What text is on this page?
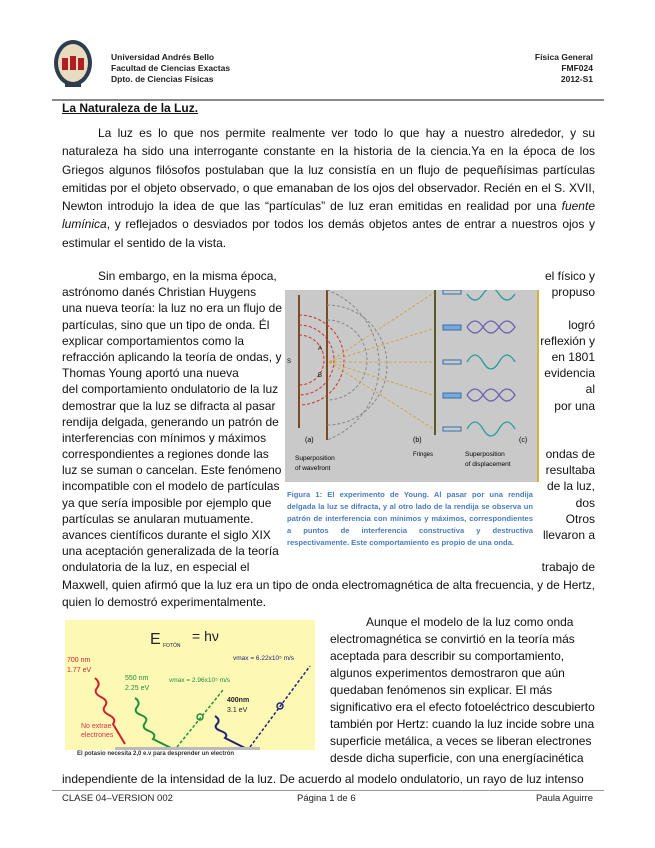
Universidad Andrés Bello
Facultad de Ciencias Exactas
Dpto. de Ciencias Físicas
Física General
FMF024
2012-S1
La Naturaleza de la Luz.
La luz es lo que nos permite realmente ver todo lo que hay a nuestro alrededor, y su naturaleza ha sido una interrogante constante en la historia de la ciencia.Ya en la época de los Griegos algunos filósofos postulaban que la luz consistía en un flujo de pequeñísimas partículas emitidas por el objeto observado, o que emanaban de los ojos del observador. Recién en el S. XVII, Newton introdujo la idea de que las “partículas” de luz eran emitidas en realidad por una fuente lumínica, y reflejados o desviados por todos los demás objetos antes de entrar a nuestros ojos y estimular el sentido de la vista.
Sin embargo, en la misma época,	el físico y
astrónomo danés Christian Huygens	propuso
una nueva teoría: la luz no era un flujo de
partículas, sino que un tipo de onda. Él	logró
explicar comportamientos como la	reflexión y
refracción aplicando la teoría de ondas, y	en 1801
Thomas Young aportó una nueva	evidencia
del comportamiento ondulatorio de la luz	al
demostrar que la luz se difracta al pasar	por una
rendija delgada, generando un patrón de
interferencias con mínimos y máximos
correspondientes a regiones donde las	ondas de
luz se suman o cancelan. Este fenómeno	resultaba
incompatible con el modelo de partículas	de la luz,
ya que sería imposible por ejemplo que	dos
partículas se anularan mutuamente.	Otros
avances científicos durante el siglo XIX	llevaron a
una aceptación generalizada de la teoría
ondulatoria de la luz, en especial el	trabajo de
Maxwell, quien afirmó que la luz era un tipo de onda electromagnética de alta frecuencia, y de Hertz,
quien lo demostró experimentalmente.
S
A
B
(a)	(b)	(c)
Fringes
Superposition
of wavefront
Superposition
of displacement
Figura 1: El experimento de Young. Al pasar por una rendija delgada la luz se difracta, y al otro lado de la rendija se observa un patrón de interferencia con mínimos y máximos, correspondientes a puntos de interferencia constructiva y destructiva respectivamente. Este comportamiento es propio de una onda.
E FOTÓN
= hν
700 nm
1.77 eV
550 nm
2.25 eV
400nm
3.1 eV
No extrae
electrones
vmax = 2.96x10⁵ m/s
vmax = 6.22x10⁵ m/s
El potasio necesita 2,0 e.v para desprender un electrón
Aunque el modelo de la luz como onda
electromagnética se convirtió en la teoría más
aceptada para describir su comportamiento,
algunos experimentos demostraron que aún
quedaban fenómenos sin explicar. El más
significativo era el efecto fotoeléctrico descubierto
también por Hertz: cuando la luz incide sobre una
superficie metálica, a veces se liberan electrones
desde dicha superficie, con una energíacinética
independiente de la intensidad de la luz. De acuerdo al modelo ondulatorio, un rayo de luz intenso
CLASE 04–VERSION 002	Página 1 de 6	Paula Aguirre
